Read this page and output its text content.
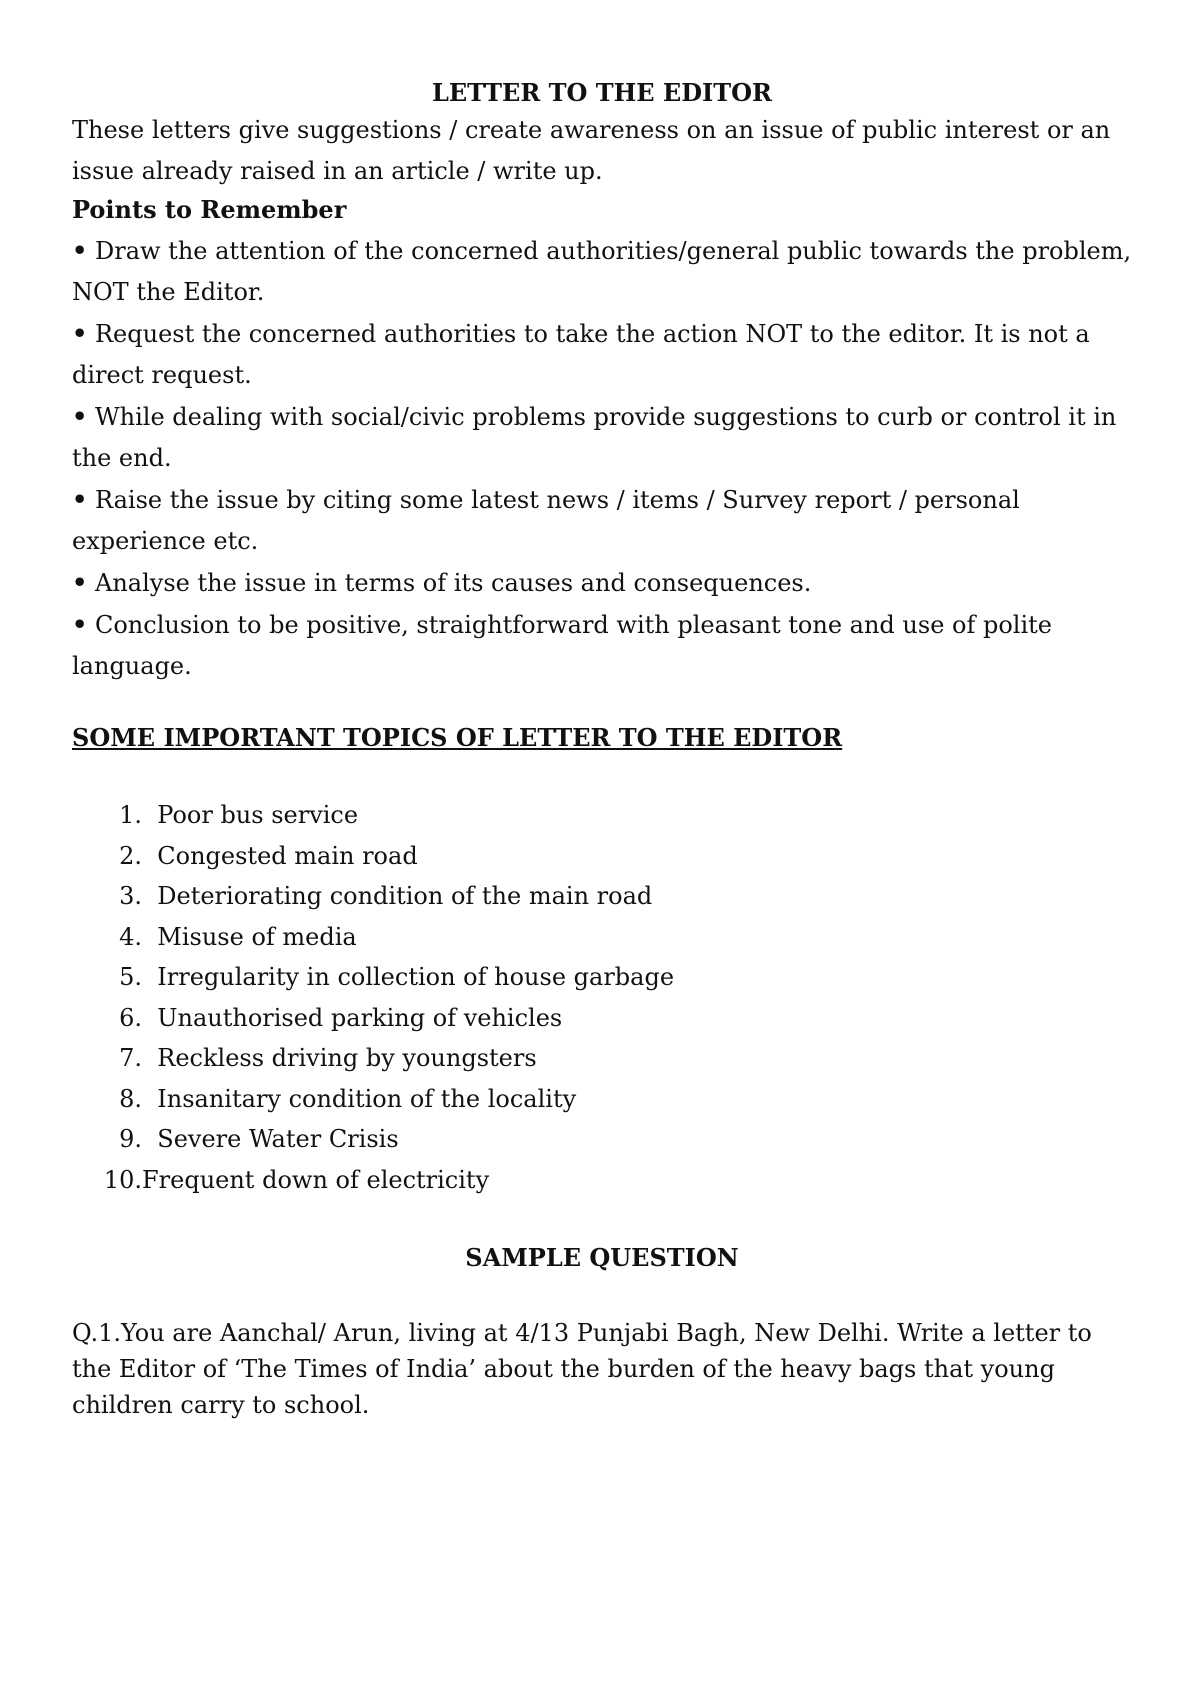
LETTER TO THE EDITOR
These letters give suggestions / create awareness on an issue of public interest or an issue already raised in an article / write up.
Points to Remember
• Draw the attention of the concerned authorities/general public towards the problem, NOT the Editor.
• Request the concerned authorities to take the action NOT to the editor. It is not a direct request.
• While dealing with social/civic problems provide suggestions to curb or control it in the end.
• Raise the issue by citing some latest news / items / Survey report / personal experience etc.
• Analyse the issue in terms of its causes and consequences.
• Conclusion to be positive, straightforward with pleasant tone and use of polite language.
SOME IMPORTANT TOPICS OF LETTER TO THE EDITOR
1.
Poor bus service
2.
Congested main road
3.
Deteriorating condition of the main road
4.
Misuse of media
5.
Irregularity in collection of house garbage
6.
Unauthorised parking of vehicles
7.
Reckless driving by youngsters
8.
Insanitary condition of the locality
9.
Severe Water Crisis
10. Frequent down of electricity
SAMPLE QUESTION
Q.1.You are Aanchal/ Arun, living at 4/13 Punjabi Bagh, New Delhi. Write a letter to the Editor of ‘The Times of India’ about the burden of the heavy bags that young children carry to school.
